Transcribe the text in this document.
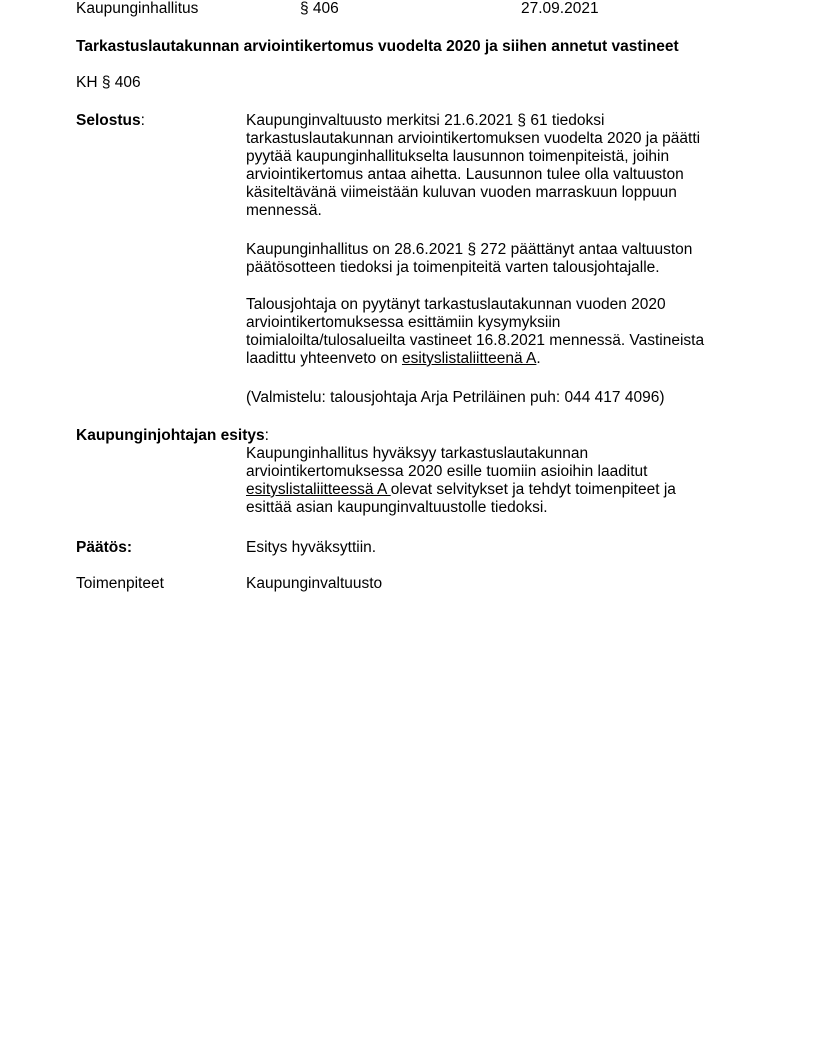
Kaupunginhallitus	§ 406	27.09.2021
Tarkastuslautakunnan arviointikertomus vuodelta 2020 ja siihen annetut vastineet
KH § 406
Selostus:	Kaupunginvaltuusto merkitsi 21.6.2021 § 61 tiedoksi

tarkastuslautakunnan arviointikertomuksen vuodelta 2020 ja päätti

pyytää kaupunginhallitukselta lausunnon toimenpiteistä, joihin

arviointikertomus antaa aihetta. Lausunnon tulee olla valtuuston

käsiteltävänä viimeistään kuluvan vuoden marraskuun loppuun

mennessä.

Kaupunginhallitus on 28.6.2021 § 272 päättänyt antaa valtuuston

päätösotteen tiedoksi ja toimenpiteitä varten talousjohtajalle.

Talousjohtaja on pyytänyt tarkastuslautakunnan vuoden 2020

arviointikertomuksessa esittämiin kysymyksiin

toimialoilta/tulosalueilta vastineet 16.8.2021 mennessä. Vastineista

laadittu yhteenveto on esityslistaliitteenä A.

(Valmistelu: talousjohtaja Arja Petriläinen puh: 044 417 4096)

Kaupunginjohtajan esitys:

Kaupunginhallitus hyväksyy tarkastuslautakunnan

arviointikertomuksessa 2020 esille tuomiin asioihin laaditut

esityslistaliitteessä A olevat selvitykset ja tehdyt toimenpiteet ja

esittää asian kaupunginvaltuustolle tiedoksi.

Päätös:	Esitys hyväksyttiin.
Toimenpiteet	Kaupunginvaltuusto
